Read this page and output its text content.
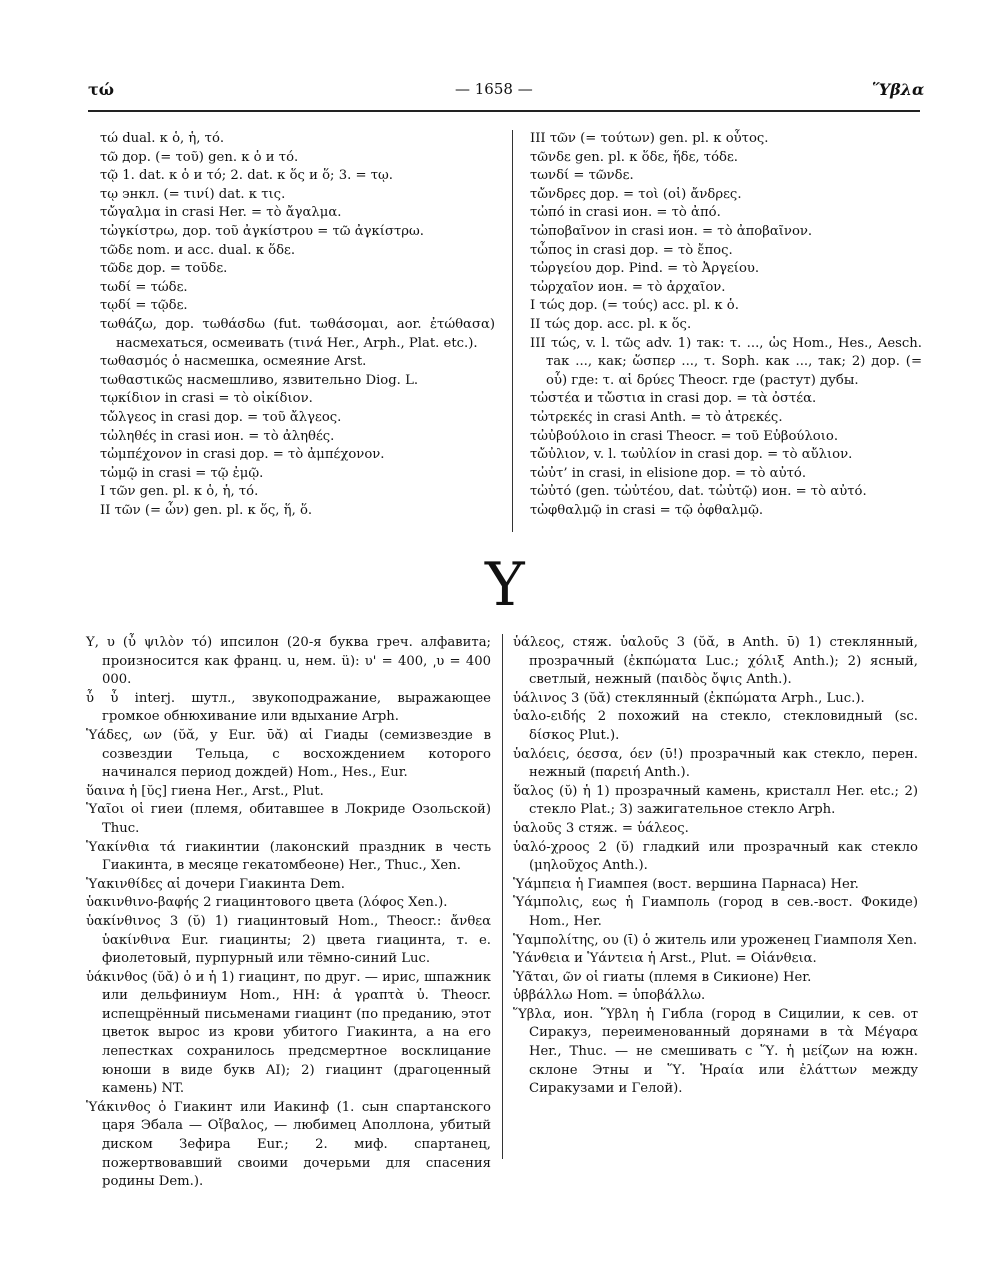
τώ	— 1658 —	Ὕβλα

τώ dual. к ὁ, ἡ, τό.

τῶ дор. (= τοῦ) gen. к ὁ и τό.

τῷ 1. dat. к ὁ и τό; 2. dat. к ὅς и ὅ; 3. = τῳ.

τῳ энкл. (= τινί) dat. к τις.

τὤγαλμα in crasi Her. = τὸ ἄγαλμα.

τὠγκίστρω, дор. τοῦ ἀγκίστρου = τῶ ἀγκίστρω.

τῶδε nom. и acc. dual. к ὅδε.

τῶδε дор. = τοῦδε.

τωδί = τώδε.

τῳδί = τῷδε.

τωθάζω, дор. τωθάσδω (fut. τωθάσομαι, aor. ἐτώθασα) насмехаться, осмеивать (τινά Her., Arph., Plat. etc.).

τωθασμός ὁ насмешка, осмеяние Arst.

τωθαστικῶς насмешливо, язвительно Diog. L.

τῳκίδιον in crasi = τὸ οἰκίδιον.

τὤλγεος in crasi дор. = τοῦ ἄλγεος.

τὠληθές in crasi ион. = τὸ ἀληθές.

τὠμπέχονον in crasi дор. = τὸ ἀμπέχονον.

τὠμῷ in crasi = τῷ ἐμῷ.

I τῶν gen. pl. к ὁ, ἡ, τό.

II τῶν (= ὧν) gen. pl. к ὅς, ἥ, ὅ.

III τῶν (= τούτων) gen. pl. к οὗτος.

τῶνδε gen. pl. к ὅδε, ἥδε, τόδε.

τωνδί = τῶνδε.

τὤνδρες дор. = τοὶ (οἱ) ἄνδρες.

τὠπό in crasi ион. = τὸ ἀπό.

τὠποβαῖνον in crasi ион. = τὸ ἀποβαῖνον.

τὦπος in crasi дор. = τὸ ἔπος.

τὠργείου дор. Pind. = τὸ Ἀργείου.

τὠρχαῖον ион. = τὸ ἀρχαῖον.

I τώς дор. (= τούς) acc. pl. к ὁ.

II τώς дор. acc. pl. к ὅς.

III τώς, v. l. τῶς adv. 1) так: τ. ..., ὡς Hom., Hes., Aesch. так ..., как; ὥσπερ ..., τ. Soph. как ..., так; 2) дор. (= οὗ) где: τ. αἱ δρύες Theocr. где (растут) дубы.

τὠστέα и τὤστια in crasi дор. = τὰ ὀστέα.

τὠτρεκές in crasi Anth. = τὸ ἀτρεκές.

τὠὐβούλοιο in crasi Theocr. = τοῦ Εὐβούλοιο.

τὤὐλιον, v. l. τωὐλίον in crasi дор. = τὸ αὔλιον.

τὠὐτ’ in crasi, in elisione дор. = τὸ αὐτό.

τὠὐτό (gen. τὠὐτέου, dat. τὠὐτῷ) ион. = τὸ αὐτό.

τὠφθαλμῷ in crasi = τῷ ὀφθαλμῷ.

Υ

Υ, υ (ὖ ψιλὸν τό) ипсилон (20-я буква греч. алфавита; произносится как франц. u, нем. ü): υ' = 400, ͵υ = 400 000.

ὖ ὖ interj. шутл., звукоподражание, выражающее громкое обнюхивание или вдыхание Arph.

Ὑάδες, ων (ῠᾰ, у Eur. ῡᾰ) αἱ Гиады (семизвездие в созвездии Тельца, с восхождением которого начинался период дождей) Hom., Hes., Eur.

ὕαινα ἡ [ῠς] гиена Her., Arst., Plut.

Ὑαῖοι οἱ гиеи (племя, обитавшее в Локриде Озольской) Thuc.

Ὑακίνθια τά гиакинтии (лаконский праздник в честь Гиакинта, в месяце гекатомбеоне) Her., Thuc., Xen.

Ὑακινθίδες αἱ дочери Гиакинта Dem.

ὑακινθινο-βαφής 2 гиацинтового цвета (λόφος Xen.).

ὑακίνθινος 3 (ῠ) 1) гиацинтовый Hom., Theocr.: ἄνθεα ὑακίνθινα Eur. гиацинты; 2) цвета гиацинта, т. е. фиолетовый, пурпурный или тёмно-синий Luc.

ὑάκινθος (ῠᾰ) ὁ и ἡ 1) гиацинт, по друг. — ирис, шпажник или дельфиниум Hom., HH: ἁ γραπτὰ ὑ. Theocr. испещрённый письменами гиацинт (по преданию, этот цветок вырос из крови убитого Гиакинта, а на его лепестках сохранилось предсмертное восклицание юноши в виде букв AI); 2) гиацинт (драгоценный камень) NT.

Ὑάκινθος ὁ Гиакинт или Иакинф (1. сын спартанского царя Эбала — Οἴβαλος, — любимец Аполлона, убитый диском Зефира Eur.; 2. миф. спартанец, пожертвовавший своими дочерьми для спасения родины Dem.).

ὑάλεος, стяж. ὑαλοῦς 3 (ῠᾰ, в Anth. ῡ) 1) стеклянный, прозрачный (ἐκπώματα Luc.; χόλιξ Anth.); 2) ясный, светлый, нежный (παιδὸς ὄψις Anth.).

ὑάλινος 3 (ῠᾰ) стеклянный (ἐκπώματα Arph., Luc.).

ὑαλο-ειδής 2 похожий на стекло, стекловидный (sc. δίσκος Plut.).

ὑαλόεις, όεσσα, όεν (ῡ!) прозрачный как стекло, перен. нежный (παρειή Anth.).

ὕαλος (ῠ) ἡ 1) прозрачный камень, кристалл Her. etc.; 2) стекло Plat.; 3) зажигательное стекло Arph.

ὑαλοῦς 3 стяж. = ὑάλεος.

ὑαλό-χροος 2 (ῠ) гладкий или прозрачный как стекло (μηλοῦχος Anth.).

Ὑάμπεια ἡ Гиампея (вост. вершина Парнаса) Her.

Ὑάμπολις, εως ἡ Гиамполь (город в сев.-вост. Фокиде) Hom., Her.

Ὑαμπολίτης, ου (ῑ) ὁ житель или уроженец Гиамполя Xen.

Ὑάνθεια и Ὑάντεια ἡ Arst., Plut. = Οἰάνθεια.

Ὑᾶται, ῶν οἱ гиаты (племя в Сикионе) Her.

ὑββάλλω Hom. = ὑποβάλλω.

Ὕβλα, ион. Ὕβλη ἡ Гибла (город в Сицилии, к сев. от Сиракуз, переименованный дорянами в τὰ Μέγαρα Her., Thuc. — не смешивать с Ὕ. ἡ μείζων на южн. склоне Этны и Ὕ. Ἡραία или ἐλάττων между Сиракузами и Гелой).
